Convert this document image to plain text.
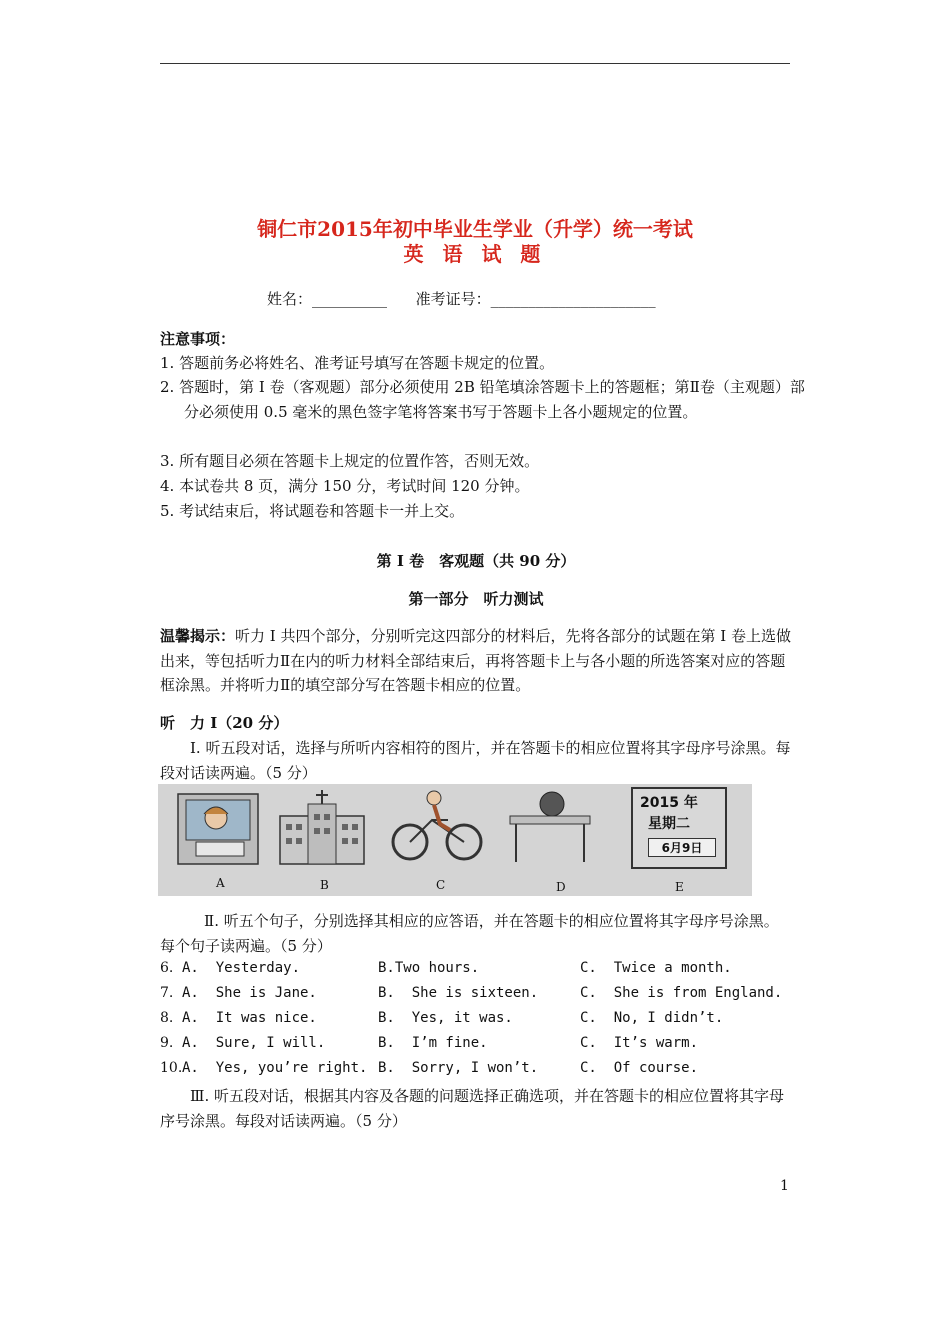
铜仁市2015年初中毕业生学业（升学）统一考试
英 语 试 题
姓名：__________ 准考证号：______________________
注意事项：
1. 答题前务必将姓名、准考证号填写在答题卡规定的位置。
2. 答题时，第 I 卷（客观题）部分必须使用 2B 铅笔填涂答题卡上的答题框；第Ⅱ卷（主观题）部分必须使用 0.5 毫米的黑色签字笔将答案书写于答题卡上各小题规定的位置。
3. 所有题目必须在答题卡上规定的位置作答，否则无效。
4. 本试卷共 8 页，满分 150 分，考试时间 120 分钟。
5. 考试结束后，将试题卷和答题卡一并上交。
第 I 卷　客观题（共 90 分）
第一部分　听力测试
温馨揭示：听力 I 共四个部分，分别听完这四部分的材料后，先将各部分的试题在第 I 卷上选做出来，等包括听力Ⅱ在内的听力材料全部结束后，再将答题卡上与各小题的所选答案对应的答题框涂黑。并将听力Ⅱ的填空部分写在答题卡相应的位置。
听　力 I（20 分）
Ⅰ. 听五段对话，选择与所听内容相符的图片，并在答题卡的相应位置将其字母序号涂黑。每段对话读两遍。（5 分）
2015 年
星期二
6月9日
A	B	C	D	E
Ⅱ. 听五个句子，分别选择其相应的应答语，并在答题卡的相应位置将其字母序号涂黑。每个句子读两遍。（5 分）
6. A.  Yesterday.	B.Two hours.	C.  Twice a month.
7. A.  She is Jane.	B.  She is sixteen.	C.  She is from England.
8. A.  It was nice.	B.  Yes, it was.	C.  No, I didn’t.
9. A.  Sure, I will.	B.  I’m fine.	C.  It’s warm.
10. A.  Yes, you’re right. B.  Sorry, I won’t.	C.  Of course.
Ⅲ. 听五段对话，根据其内容及各题的问题选择正确选项，并在答题卡的相应位置将其字母序号涂黑。每段对话读两遍。（5 分）
1
